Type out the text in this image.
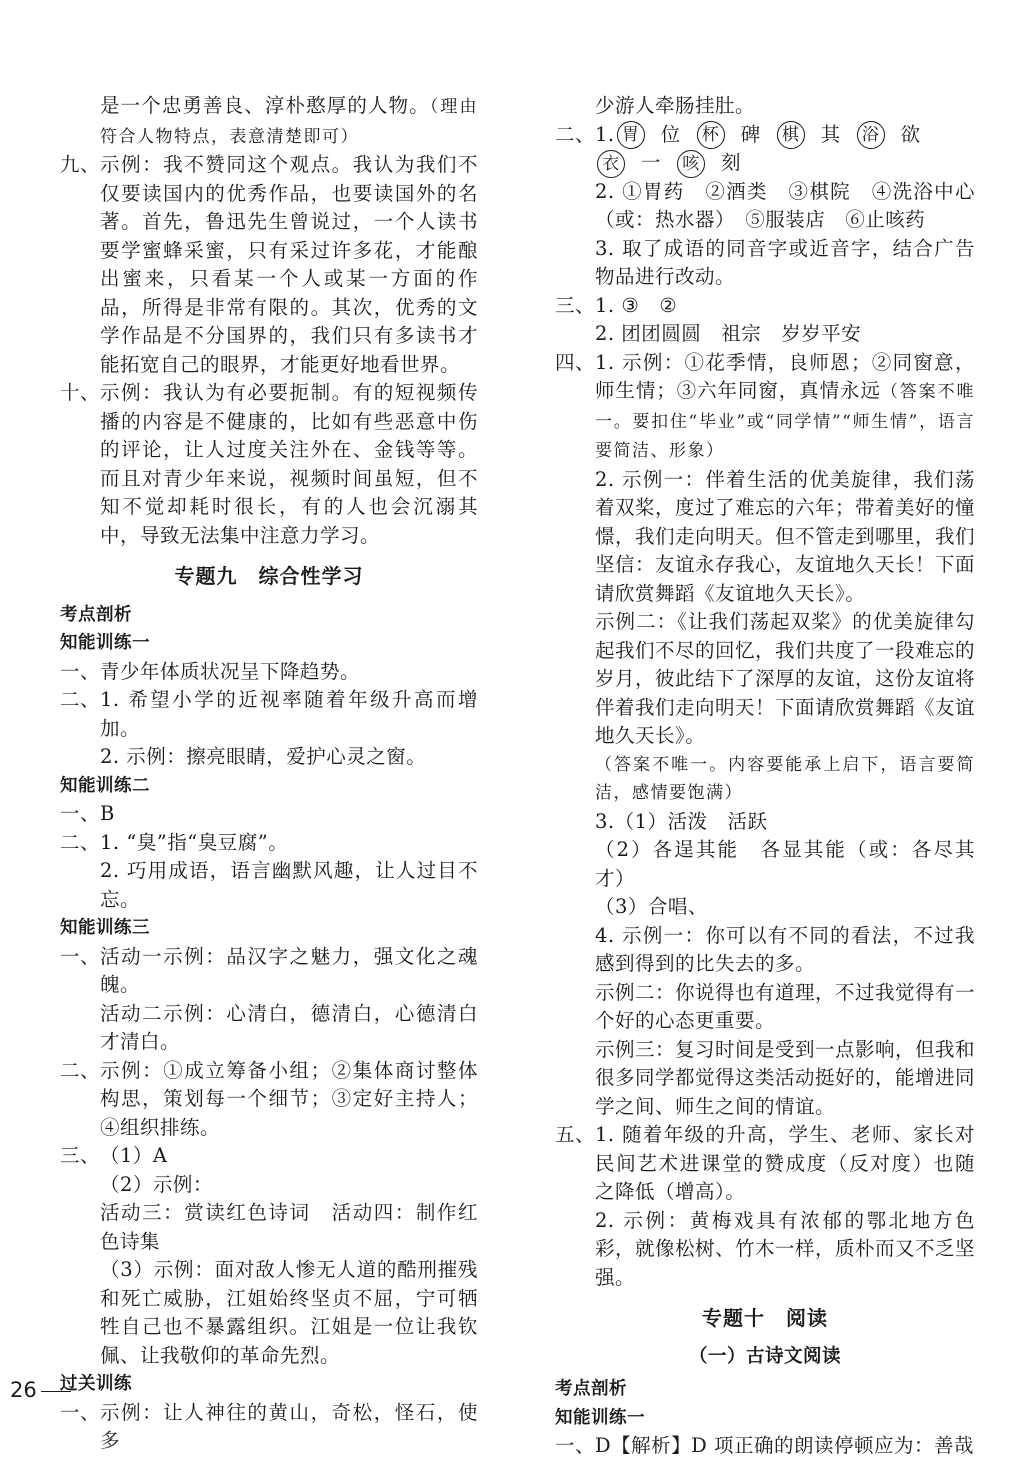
是一个忠勇善良、淳朴憨厚的人物。（理由符合人物特点，表意清楚即可）

九、 示例：我不赞同这个观点。我认为我们不仅要读国内的优秀作品，也要读国外的名著。首先，鲁迅先生曾说过，一个人读书要学蜜蜂采蜜，只有采过许多花，才能酿出蜜来，只看某一个人或某一方面的作品，所得是非常有限的。其次，优秀的文学作品是不分国界的，我们只有多读书才能拓宽自己的眼界，才能更好地看世界。
十、 示例：我认为有必要扼制。有的短视频传播的内容是不健康的，比如有些恶意中伤的评论，让人过度关注外在、金钱等等。而且对青少年来说，视频时间虽短，但不知不觉却耗时很长，有的人也会沉溺其中，导致无法集中注意力学习。
专题九　综合性学习

考点剖析

知能训练一

一、 青少年体质状况呈下降趋势。
二、 1. 希望小学的近视率随着年级升高而增加。

2. 示例：擦亮眼睛，爱护心灵之窗。

知能训练二

一、 B
二、 1. “臭”指“臭豆腐”。

2. 巧用成语，语言幽默风趣，让人过目不忘。

知能训练三

一、 活动一示例：品汉字之魅力，强文化之魂魄。

活动二示例：心清白，德清白，心德清白才清白。

二、 示例：①成立筹备小组；②集体商讨整体构思，策划每一个细节；③定好主持人；④组织排练。
三、 （1）A

（2）示例：

活动三：赏读红色诗词　活动四：制作红色诗集

（3）示例：面对敌人惨无人道的酷刑摧残和死亡威胁，江姐始终坚贞不屈，宁可牺牲自己也不暴露组织。江姐是一位让我钦佩、让我敬仰的革命先烈。

过关训练

一、 示例：让人神往的黄山，奇松，怪石，使多

少游人牵肠挂肚。

二、 1. 胃 位 杯 碑 棋 其 浴 欲

衣 一 咳 刻

2. ①胃药　②酒类　③棋院　④洗浴中心（或：热水器）　⑤服装店　⑥止咳药

3. 取了成语的同音字或近音字，结合广告物品进行改动。

三、 1. ③　②

2. 团团圆圆　祖宗　岁岁平安

四、 1. 示例：①花季情，良师恩；②同窗意，师生情；③六年同窗，真情永远（答案不唯一。要扣住“毕业”或“同学情”“师生情”，语言要简洁、形象）

2. 示例一：伴着生活的优美旋律，我们荡着双桨，度过了难忘的六年；带着美好的憧憬，我们走向明天。但不管走到哪里，我们坚信：友谊永存我心，友谊地久天长！下面请欣赏舞蹈《友谊地久天长》。

示例二：《让我们荡起双桨》的优美旋律勾起我们不尽的回忆，我们共度了一段难忘的岁月，彼此结下了深厚的友谊，这份友谊将伴着我们走向明天！下面请欣赏舞蹈《友谊地久天长》。

（答案不唯一。内容要能承上启下，语言要简洁，感情要饱满）

3.（1）活泼　活跃

（2）各逞其能　各显其能（或：各尽其才）

（3）合唱、

4. 示例一：你可以有不同的看法，不过我感到得到的比失去的多。

示例二：你说得也有道理，不过我觉得有一个好的心态更重要。

示例三：复习时间是受到一点影响，但我和很多同学都觉得这类活动挺好的，能增进同学之间、师生之间的情谊。

五、 1. 随着年级的升高，学生、老师、家长对民间艺术进课堂的赞成度（反对度）也随之降低（增高）。

2. 示例：黄梅戏具有浓郁的鄂北地方色彩，就像松树、竹木一样，质朴而又不乏坚强。

专题十　阅读
（一）古诗文阅读

考点剖析

知能训练一

一、 D【解析】D 项正确的朗读停顿应为：善哉
26
